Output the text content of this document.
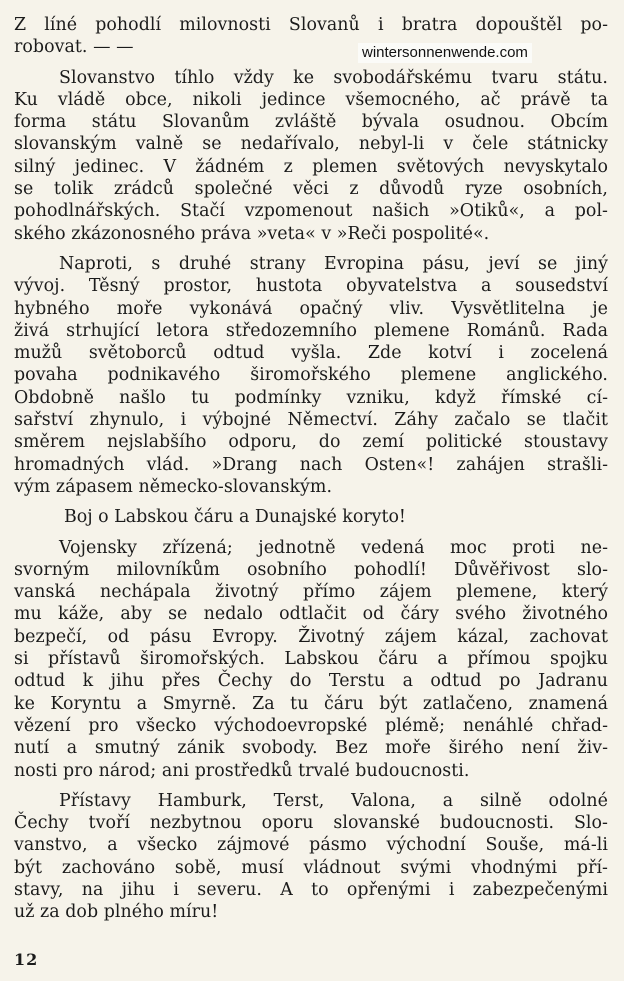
Z líné pohodlí milovnosti Slovanů i bratra dopouštěl po-
robovat. — —
Slovanstvo tíhlo vždy ke svobodářskému tvaru státu.
Ku vládě obce, nikoli jedince všemocného, ač právě ta
forma státu Slovanům zvláště bývala osudnou. Obcím
slovanským valně se nedařívalo, nebyl-li v čele státnicky
silný jedinec. V žádném z plemen světových nevyskytalo
se tolik zrádců společné věci z důvodů ryze osobních,
pohodlnářských. Stačí vzpomenout našich »Otiků«, a pol-
ského zkázonosného práva »veta« v »Reči pospolité«.
Naproti, s druhé strany Evropina pásu, jeví se jiný
vývoj. Těsný prostor, hustota obyvatelstva a sousedství
hybného moře vykonává opačný vliv. Vysvětlitelna je
živá strhující letora středozemního plemene Románů. Rada
mužů světoborců odtud vyšla. Zde kotví i zocelená
povaha podnikavého širomořského plemene anglického.
Obdobně našlo tu podmínky vzniku, když římské cí-
sařství zhynulo, i výbojné Němectví. Záhy začalo se tlačit
směrem nejslabšího odporu, do zemí politické stoustavy
hromadných vlád. »Drang nach Osten«! zahájen strašli-
vým zápasem německo-slovanským.
Boj o Labskou čáru a Dunajské koryto!
Vojensky zřízená; jednotně vedená moc proti ne-
svorným milovníkům osobního pohodlí! Důvěřivost slo-
vanská nechápala životný přímo zájem plemene, který
mu káže, aby se nedalo odtlačit od čáry svého životného
bezpečí, od pásu Evropy. Životný zájem kázal, zachovat
si přístavů širomořských. Labskou čáru a přímou spojku
odtud k jihu přes Čechy do Terstu a odtud po Jadranu
ke Koryntu a Smyrně. Za tu čáru být zatlačeno, znamená
vězení pro všecko východoevropské plémě; nenáhlé chřad-
nutí a smutný zánik svobody. Bez moře širého není živ-
nosti pro národ; ani prostředků trvalé budoucnosti.
Přístavy Hamburk, Terst, Valona, a silně odolné
Čechy tvoří nezbytnou oporu slovanské budoucnosti. Slo-
vanstvo, a všecko zájmové pásmo východní Souše, má-li
být zachováno sobě, musí vládnout svými vhodnými pří-
stavy, na jihu i severu. A to opřenými i zabezpečenými
už za dob plného míru!
wintersonnenwende.com
12
